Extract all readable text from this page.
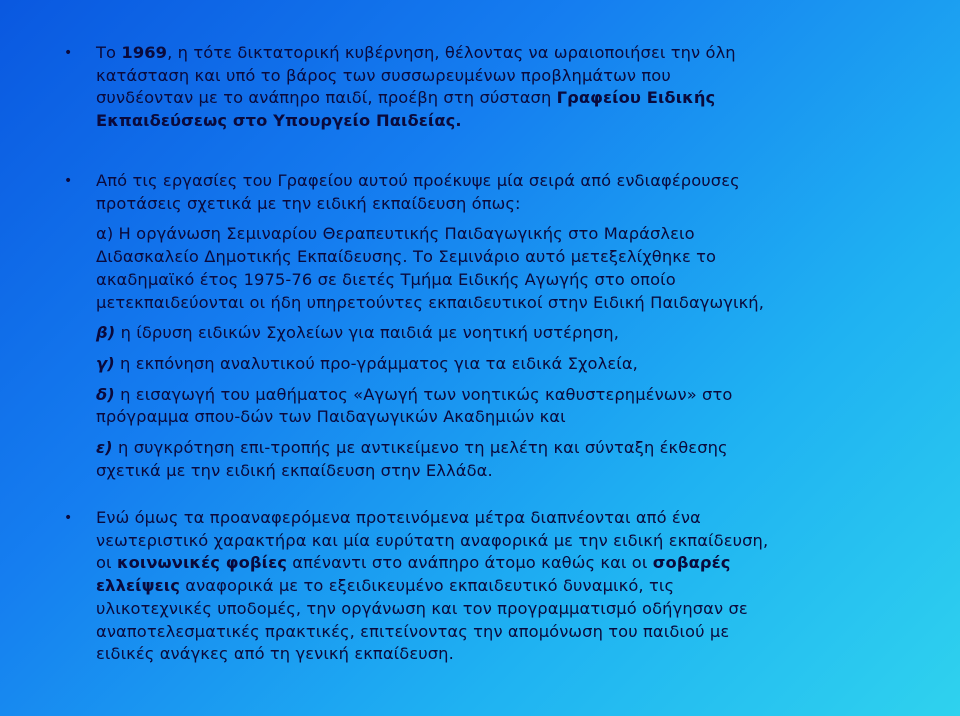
• Το 1969, η τότε δικτατορική κυβέρνηση, θέλοντας να ωραιοποιήσει την όλη
κατάσταση και υπό το βάρος των συσσωρευμένων προβλημάτων που
συνδέονταν με το ανάπηρο παιδί, προέβη στη σύσταση Γραφείου Ειδικής
Εκπαιδεύσεως στο Υπουργείο Παιδείας.
• Από τις εργασίες του Γραφείου αυτού προέκυψε μία σειρά από ενδιαφέρουσες
προτάσεις σχετικά με την ειδική εκπαίδευση όπως:
α) Η οργάνωση Σεμιναρίου Θεραπευτικής Παιδαγωγικής στο Μαράσλειο
Διδασκαλείο Δημοτικής Εκπαίδευσης. Το Σεμινάριο αυτό μετεξελίχθηκε το
ακαδημαϊκό έτος 1975-76 σε διετές Τμήμα Ειδικής Αγωγής στο οποίο
μετεκπαιδεύονται οι ήδη υπηρετούντες εκπαιδευτικοί στην Ειδική Παιδαγωγική,
β) η ίδρυση ειδικών Σχολείων για παιδιά με νοητική υστέρηση,
γ) η εκπόνηση αναλυτικού προ-γράμματος για τα ειδικά Σχολεία,
δ) η εισαγωγή του μαθήματος «Αγωγή των νοητικώς καθυστερημένων» στο
πρόγραμμα σπου-δών των Παιδαγωγικών Ακαδημιών και
ε) η συγκρότηση επι-τροπής με αντικείμενο τη μελέτη και σύνταξη έκθεσης
σχετικά με την ειδική εκπαίδευση στην Ελλάδα.
• Ενώ όμως τα προαναφερόμενα προτεινόμενα μέτρα διαπνέονται από ένα
νεωτεριστικό χαρακτήρα και μία ευρύτατη αναφορικά με την ειδική εκπαίδευση,
οι κοινωνικές φοβίες απέναντι στο ανάπηρο άτομο καθώς και οι σοβαρές
ελλείψεις αναφορικά με το εξειδικευμένο εκπαιδευτικό δυναμικό, τις
υλικοτεχνικές υποδομές, την οργάνωση και τον προγραμματισμό οδήγησαν σε
αναποτελεσματικές πρακτικές, επιτείνοντας την απομόνωση του παιδιού με
ειδικές ανάγκες από τη γενική εκπαίδευση.
